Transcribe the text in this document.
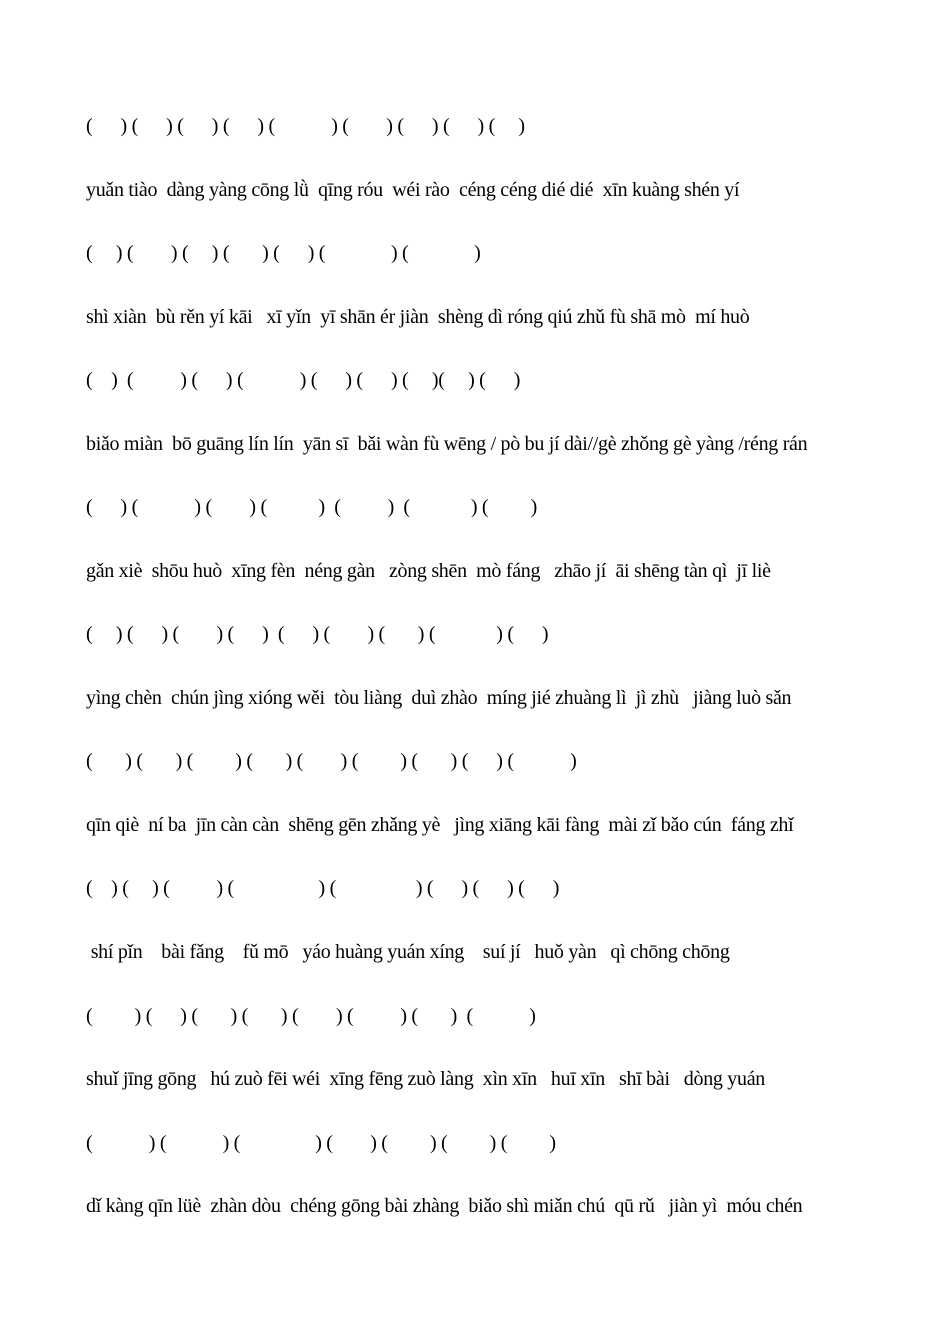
(      ) (      ) (      ) (      ) (            ) (        ) (      ) (      ) (     )
yuǎn tiào  dàng yàng cōng lǜ  qīng róu  wéi rào  céng céng dié dié  xīn kuàng shén yí
(     ) (        ) (     ) (       ) (      ) (              ) (              )
shì xiàn  bù rěn yí kāi   xī yǐn  yī shān ér jiàn  shèng dì róng qiú zhǔ fù shā mò  mí huò
(    )  (          ) (      ) (            ) (      ) (      ) (     )(     ) (      )
biǎo miàn  bō guāng lín lín  yān sī  bǎi wàn fù wēng / pò bu jí dài//gè zhǒng gè yàng /réng rán
(      ) (            ) (        ) (           )  (          )  (             ) (         )
gǎn xiè  shōu huò  xīng fèn  néng gàn   zòng shēn  mò fáng   zhāo jí  āi shēng tàn qì  jī liè
(     ) (      ) (        ) (      )  (      ) (        ) (       ) (             ) (      )
yìng chèn  chún jìng xióng wěi  tòu liàng  duì zhào  míng jié zhuàng lì  jì zhù   jiàng luò sǎn
(       ) (       ) (         ) (       ) (        ) (         ) (       ) (      ) (            )
qīn qiè  ní ba  jīn càn càn  shēng gēn zhǎng yè   jìng xiāng kāi fàng  mài zǐ bǎo cún  fáng zhǐ
(    ) (     ) (          ) (                  ) (                 ) (      ) (      ) (      )
shí pǐn    bài fǎng    fǔ mō   yáo huàng yuán xíng    suí jí   huǒ yàn   qì chōng chōng
(         ) (      ) (       ) (       ) (        ) (          ) (       )  (            )
shuǐ jīng gōng   hú zuò fēi wéi  xīng fēng zuò làng  xìn xīn   huī xīn   shī bài   dòng yuán
(            ) (            ) (                ) (        ) (         ) (         ) (         )
dǐ kàng qīn lüè  zhàn dòu  chéng gōng bài zhàng  biǎo shì miǎn chú  qū rǔ   jiàn yì  móu chén
